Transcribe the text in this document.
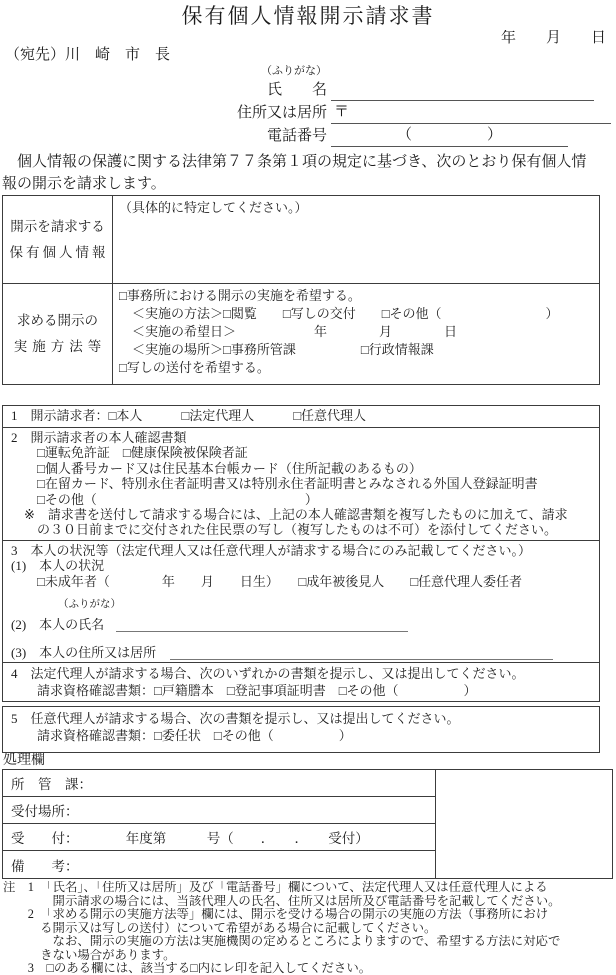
保有個人情報開示請求書
年　　月　　日
（宛先）川　崎　市　長
（ふりがな）
氏　　名
住所又は居所 〒
電話番号	（　　　　　）
　個人情報の保護に関する法律第７７条第１項の規定に基づき、次のとおり保有個人情
報の開示を請求します。
開示を請求する
保有個人情報
（具体的に特定してください。）
求める開示の
実施方法等
□事務所における開示の実施を希望する。
　＜実施の方法＞□閲覧　　□写しの交付　　□その他（　　　　　　　　）
　＜実施の希望日＞　　　　　　年　　　　月　　　　日
　＜実施の場所＞□事務所管課　　　　　□行政情報課
□写しの送付を希望する。
1　開示請求者：□本人　　　□法定代理人　　　□任意代理人
2　開示請求者の本人確認書類
　　□運転免許証　□健康保険被保険者証
　　□個人番号カード又は住民基本台帳カード（住所記載のあるもの）
　　□在留カード、特別永住者証明書又は特別永住者証明書とみなされる外国人登録証明書
　　□その他（　　　　　　　　　　　　　　　　）
　※　請求書を送付して請求する場合には、上記の本人確認書類を複写したものに加えて、請求
　　の３０日前までに交付された住民票の写し（複写したものは不可）を添付してください。
3　本人の状況等（法定代理人又は任意代理人が請求する場合にのみ記載してください。）
(1)　本人の状況
　　□未成年者（　　　　年　　月　　日生）　　□成年被後見人　　□任意代理人委任者
（ふりがな）
(2)　本人の氏名
(3)　本人の住所又は居所
4　法定代理人が請求する場合、次のいずれかの書類を提示し、又は提出してください。
　　請求資格確認書類：□戸籍謄本　□登記事項証明書　□その他（　　　　　）
5　任意代理人が請求する場合、次の書類を提示し、又は提出してください。
　　請求資格確認書類：□委任状　□その他（　　　　　）
処理欄
所　管　課：
受付場所：
受　　付：　　　　年度第　　　号（　　．　　．　　受付）
備　　考：
注　1　「氏名」、「住所又は居所」及び「電話番号」欄について、法定代理人又は任意代理人による
　　　　開示請求の場合には、当該代理人の氏名、住所又は居所及び電話番号を記載してください。
　　2　「求める開示の実施方法等」欄には、開示を受ける場合の開示の実施の方法（事務所におけ
　　　る開示又は写しの送付）について希望がある場合に記載してください。
　　　　なお、開示の実施の方法は実施機関の定めるところによりますので、希望する方法に対応で
　　　きない場合があります。
　　3　□のある欄には、該当する□内にレ印を記入してください。
